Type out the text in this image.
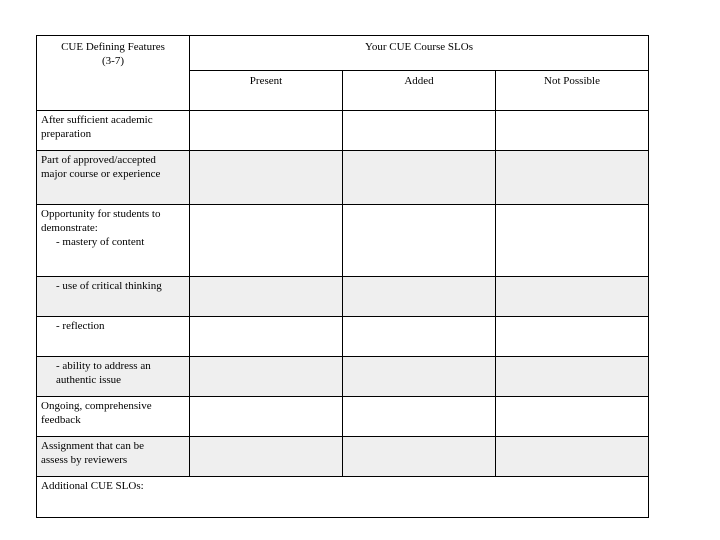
CUE Defining Features
(3-7)	Your CUE Course SLOs		
	Present	Added	Not Possible

After sufficient academic
preparation			

Part of approved/accepted
major course or experience			

Opportunity for students to
demonstrate:
- mastery of content			

- use of critical thinking			

- reflection			

- ability to address an
authentic issue			

Ongoing, comprehensive
feedback			

Assignment that can be
assess by reviewers			

Additional CUE SLOs:			
